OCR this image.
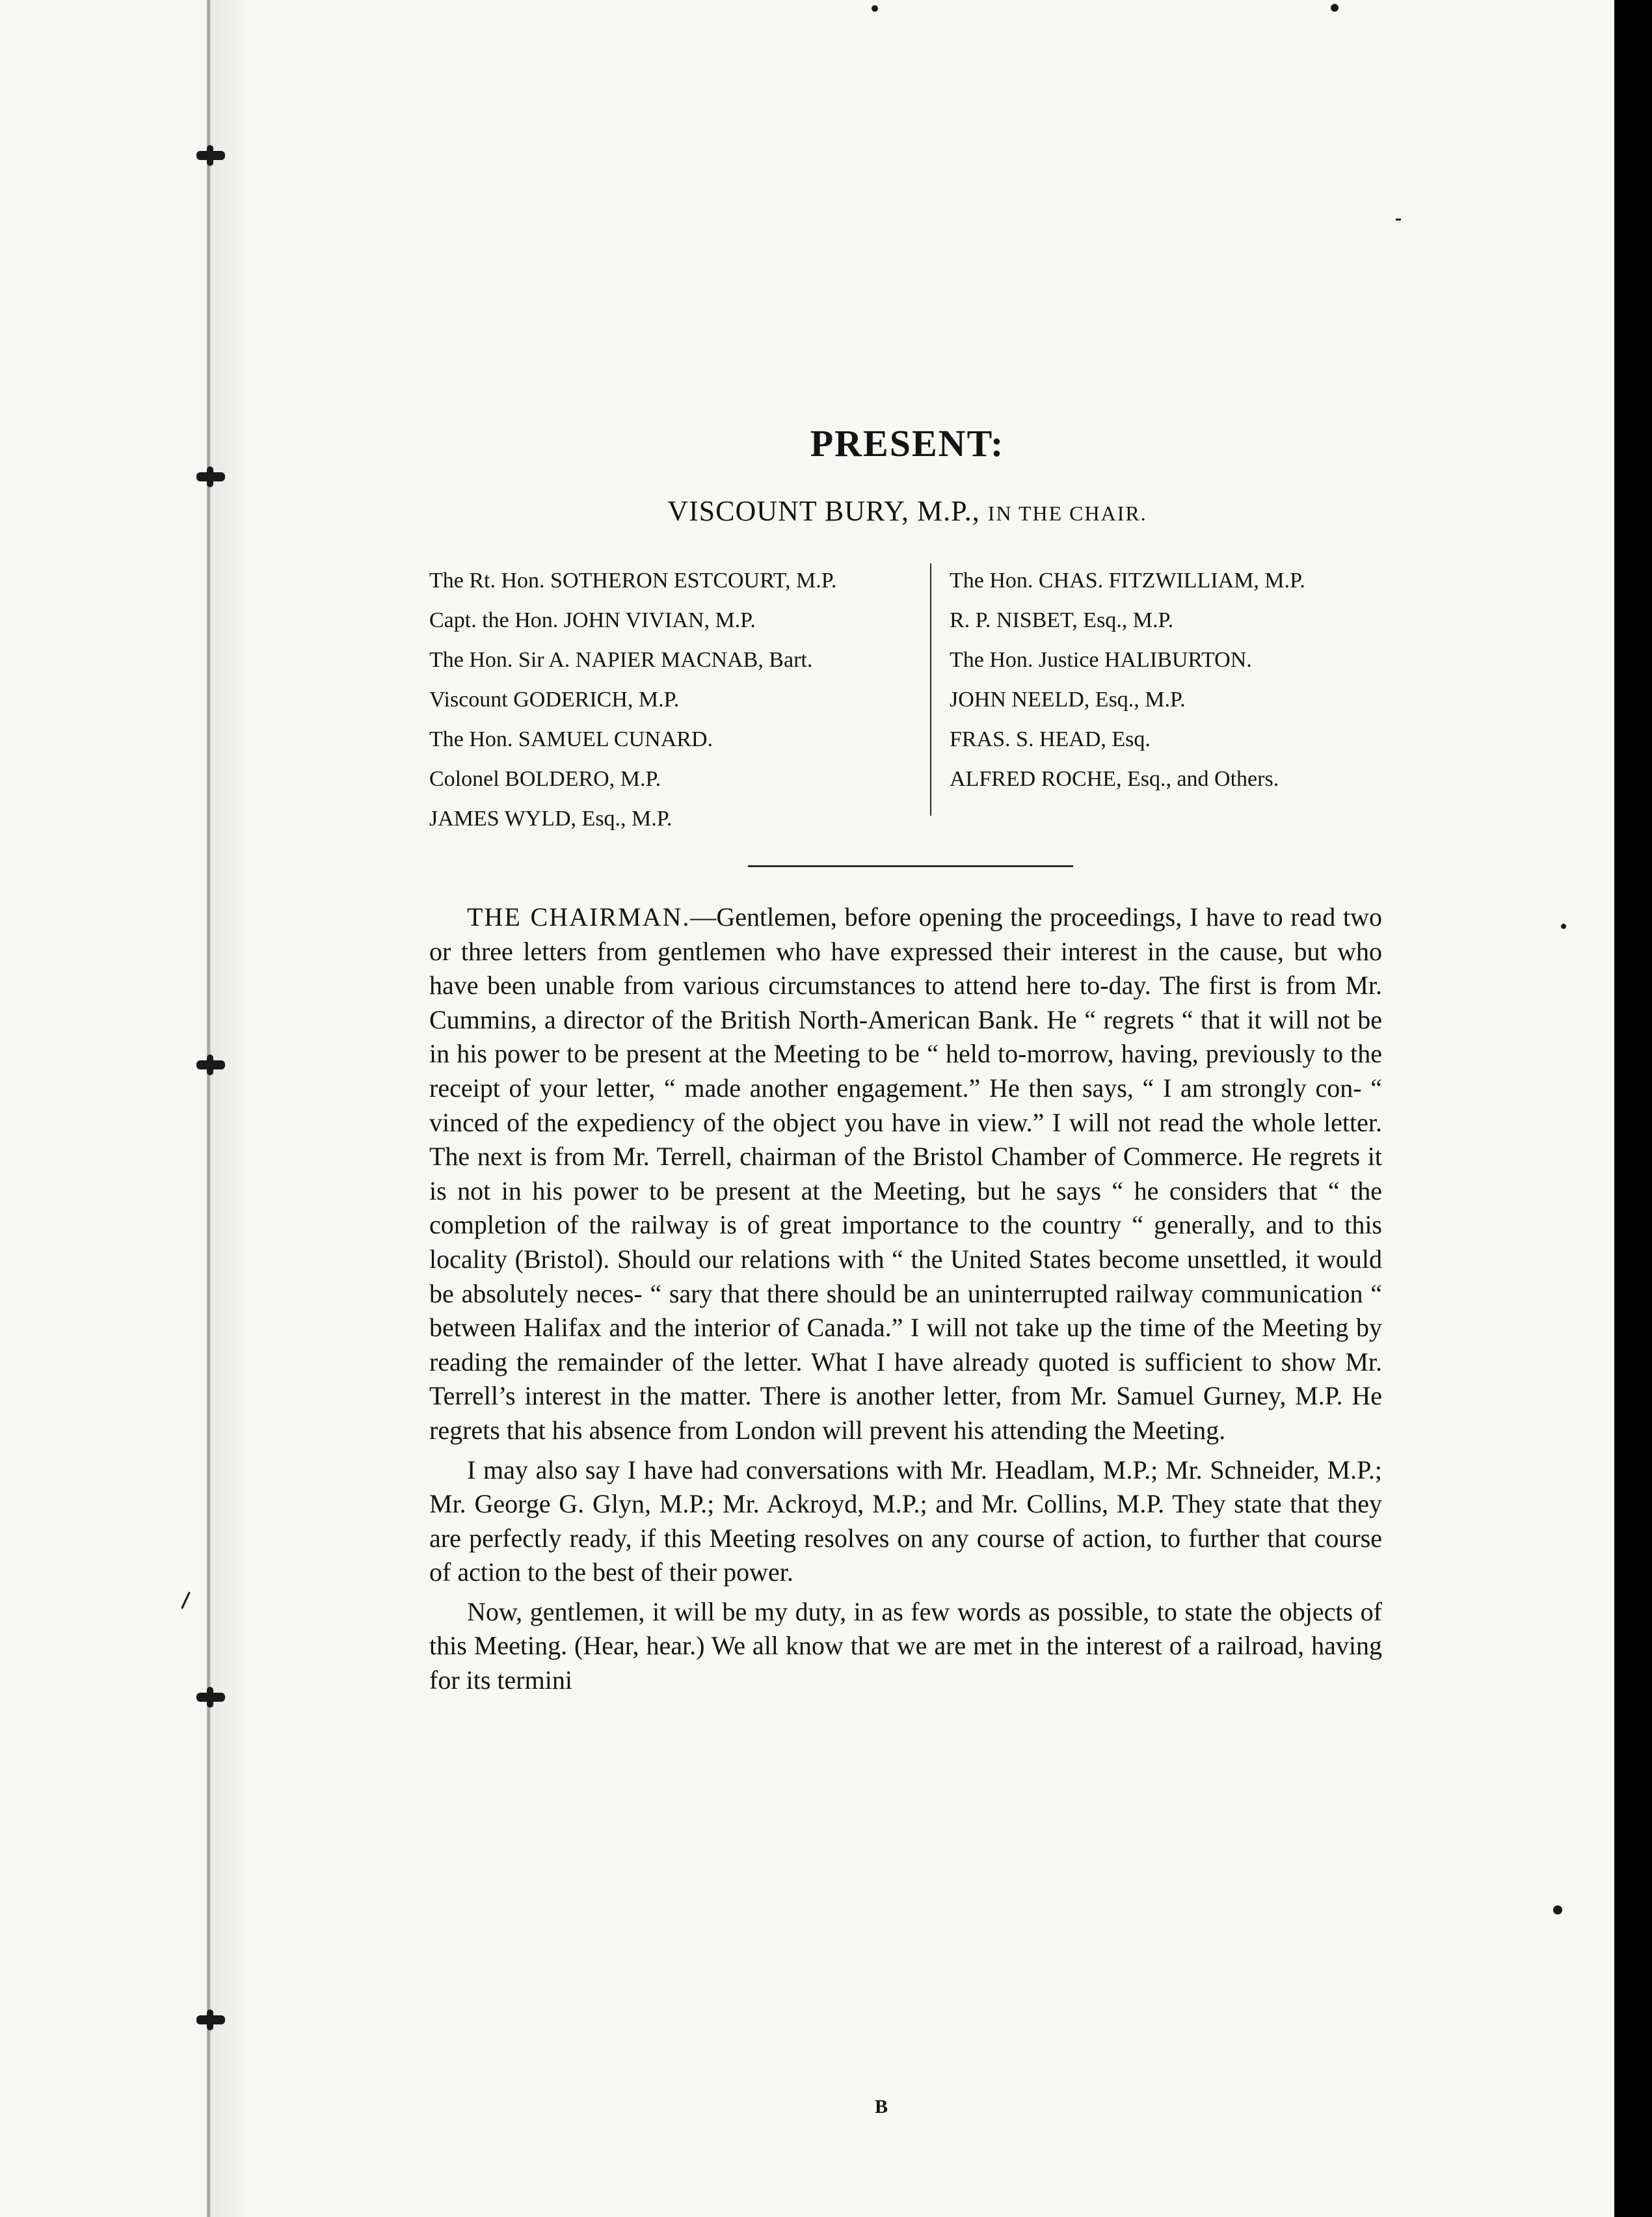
PRESENT:
VISCOUNT BURY, M.P., IN THE CHAIR.
The Rt. Hon. SOTHERON ESTCOURT, M.P.
Capt. the Hon. JOHN VIVIAN, M.P.
The Hon. Sir A. NAPIER MACNAB, Bart.
Viscount GODERICH, M.P.
The Hon. SAMUEL CUNARD.
Colonel BOLDERO, M.P.
JAMES WYLD, Esq., M.P.
The Hon. CHAS. FITZWILLIAM, M.P.
R. P. NISBET, Esq., M.P.
The Hon. Justice HALIBURTON.
JOHN NEELD, Esq., M.P.
FRAS. S. HEAD, Esq.
ALFRED ROCHE, Esq., and Others.

THE CHAIRMAN.—Gentlemen, before opening the proceedings, I have to read two or three letters from gentlemen who have expressed their interest in the cause, but who have been unable from various circumstances to attend here to-day. The first is from Mr. Cummins, a director of the British North-American Bank. He “ regrets “ that it will not be in his power to be present at the Meeting to be “ held to-morrow, having, previously to the receipt of your letter, “ made another engagement.” He then says, “ I am strongly con- “ vinced of the expediency of the object you have in view.” I will not read the whole letter. The next is from Mr. Terrell, chairman of the Bristol Chamber of Commerce. He regrets it is not in his power to be present at the Meeting, but he says “ he considers that “ the completion of the railway is of great importance to the country “ generally, and to this locality (Bristol). Should our relations with “ the United States become unsettled, it would be absolutely neces- “ sary that there should be an uninterrupted railway communication “ between Halifax and the interior of Canada.” I will not take up the time of the Meeting by reading the remainder of the letter. What I have already quoted is sufficient to show Mr. Terrell’s interest in the matter. There is another letter, from Mr. Samuel Gurney, M.P. He regrets that his absence from London will prevent his attending the Meeting.

I may also say I have had conversations with Mr. Headlam, M.P.; Mr. Schneider, M.P.; Mr. George G. Glyn, M.P.; Mr. Ackroyd, M.P.; and Mr. Collins, M.P. They state that they are perfectly ready, if this Meeting resolves on any course of action, to further that course of action to the best of their power.

Now, gentlemen, it will be my duty, in as few words as possible, to state the objects of this Meeting. (Hear, hear.) We all know that we are met in the interest of a railroad, having for its termini

B
